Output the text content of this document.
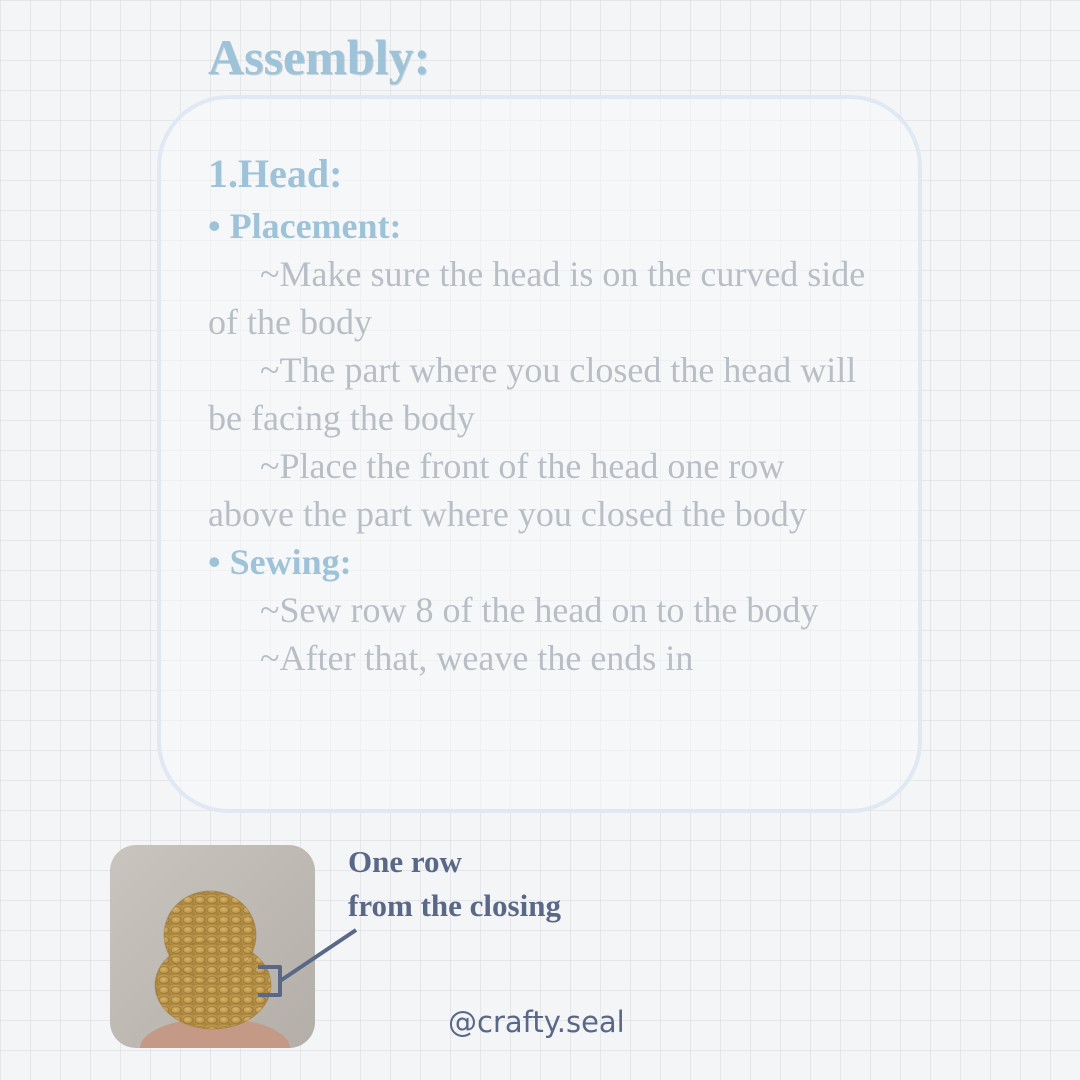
Assembly:

1.Head:

• Placement:

~Make sure the head is on the curved side of the body

~The part where you closed the head will be facing the body

~Place the front of the head one row above the part where you closed the body

• Sewing:

~Sew row 8 of the head on to the body

~After that, weave the ends in

One row
from the closing
@crafty.seal
